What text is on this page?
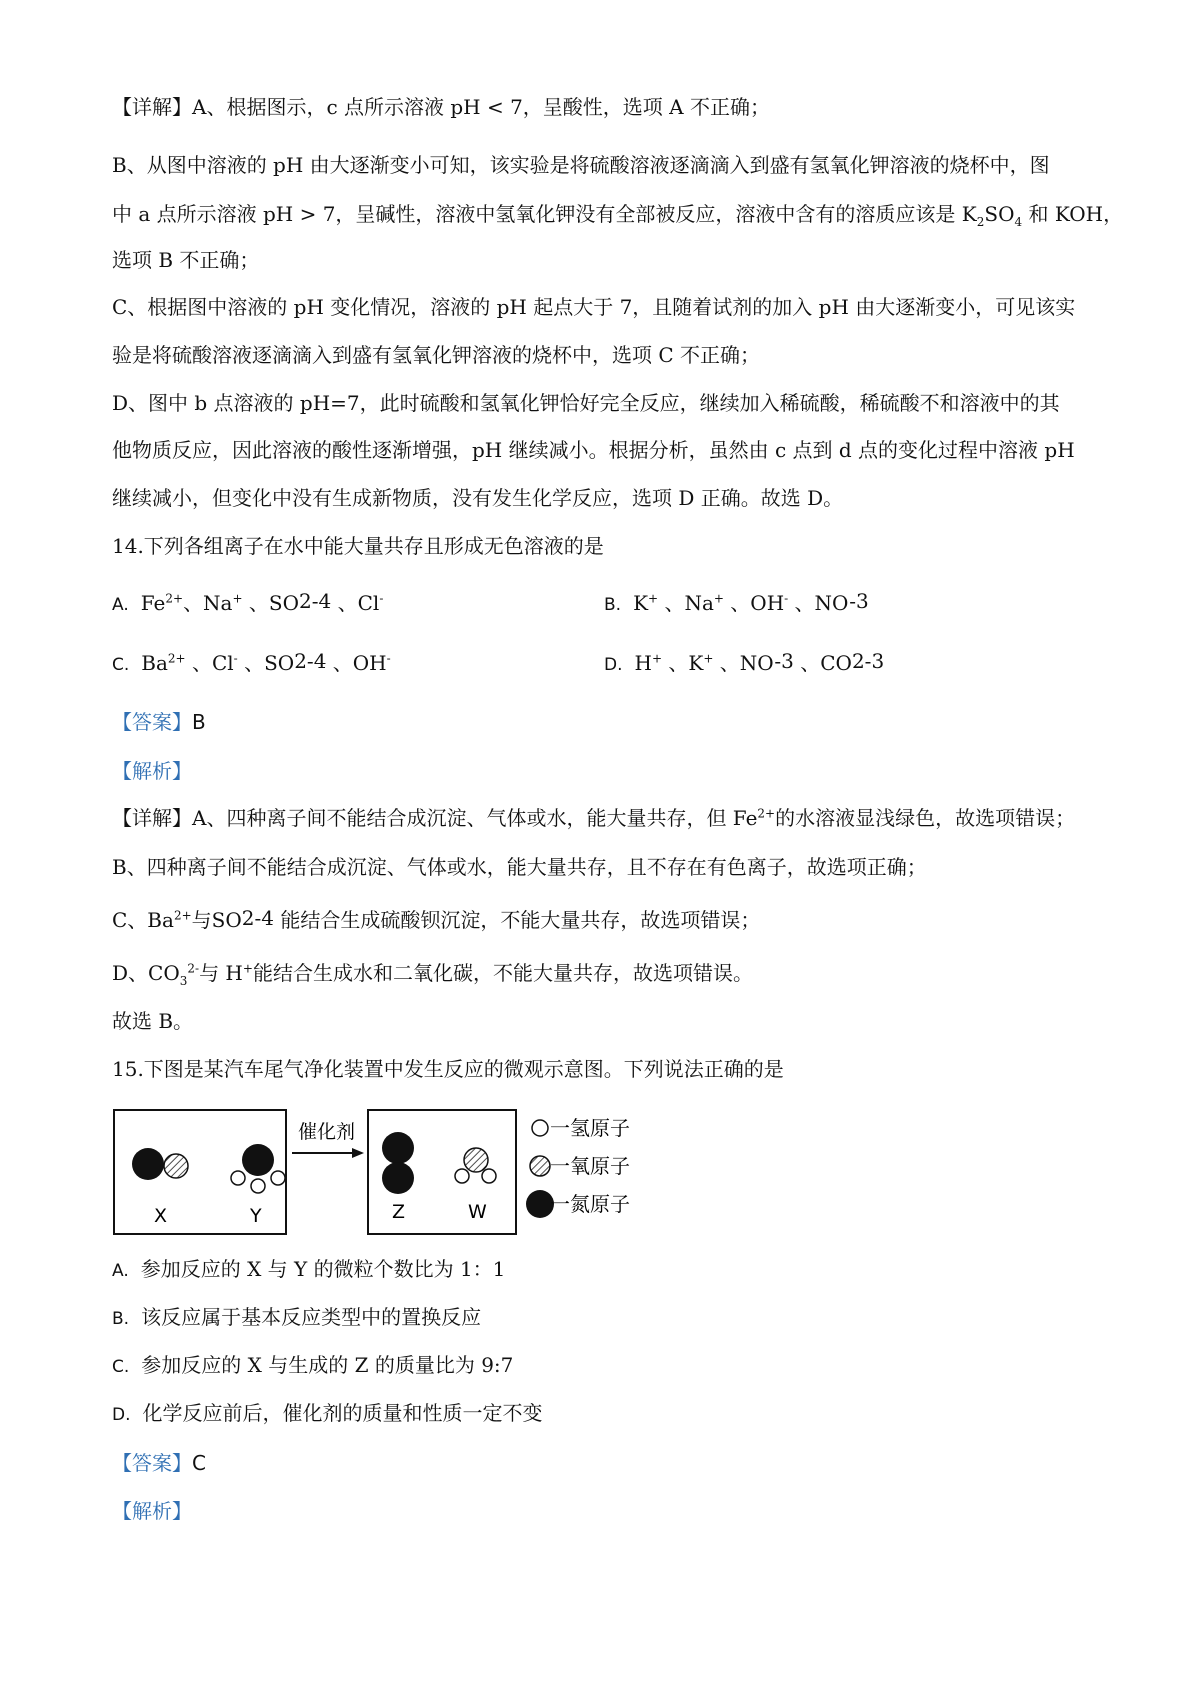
【详解】A、根据图示，c 点所示溶液 pH < 7，呈酸性，选项 A 不正确；
B、从图中溶液的 pH 由大逐渐变小可知，该实验是将硫酸溶液逐滴滴入到盛有氢氧化钾溶液的烧杯中，图
中 a 点所示溶液 pH > 7，呈碱性，溶液中氢氧化钾没有全部被反应，溶液中含有的溶质应该是 $K_2SO_4$ 和 KOH，
选项 B 不正确；
C、根据图中溶液的 pH 变化情况，溶液的 pH 起点大于 7，且随着试剂的加入 pH 由大逐渐变小，可见该实
验是将硫酸溶液逐滴滴入到盛有氢氧化钾溶液的烧杯中，选项 C 不正确；
D、图中 b 点溶液的 pH=7，此时硫酸和氢氧化钾恰好完全反应，继续加入稀硫酸，稀硫酸不和溶液中的其
他物质反应，因此溶液的酸性逐渐增强，pH 继续减小。根据分析，虽然由 c 点到 d 点的变化过程中溶液 pH
继续减小，但变化中没有生成新物质，没有发生化学反应，选项 D 正确。故选 D。
14.下列各组离子在水中能大量共存且形成无色溶液的是
A. $Fe^{2+}$、Na+ 、SO2-4 、Cl-	B. K+ 、Na+ 、OH- 、NO-3
C. $Ba^{2+}$ 、Cl- 、SO2-4 、OH-	D. H+ 、K+ 、NO-3 、CO2-3
【答案】B
【解析】
【详解】A、四种离子间不能结合成沉淀、气体或水，能大量共存，但 $Fe^{2+}$的水溶液显浅绿色，故选项错误；
B、四种离子间不能结合成沉淀、气体或水，能大量共存，且不存在有色离子，故选项正确；
C、$Ba^{2+}$与SO2-4 能结合生成硫酸钡沉淀，不能大量共存，故选项错误；
D、$CO_3^{2-}$与 H+能结合生成水和二氧化碳，不能大量共存，故选项错误。
故选 B。
15.下图是某汽车尾气净化装置中发生反应的微观示意图。下列说法正确的是
X	Y
催化剂
Z	W
一氢原子
一氧原子
一氮原子
A. 参加反应的 X 与 Y 的微粒个数比为 1：1
B. 该反应属于基本反应类型中的置换反应
C. 参加反应的 X 与生成的 Z 的质量比为 9:7
D. 化学反应前后，催化剂的质量和性质一定不变
【答案】C
【解析】
